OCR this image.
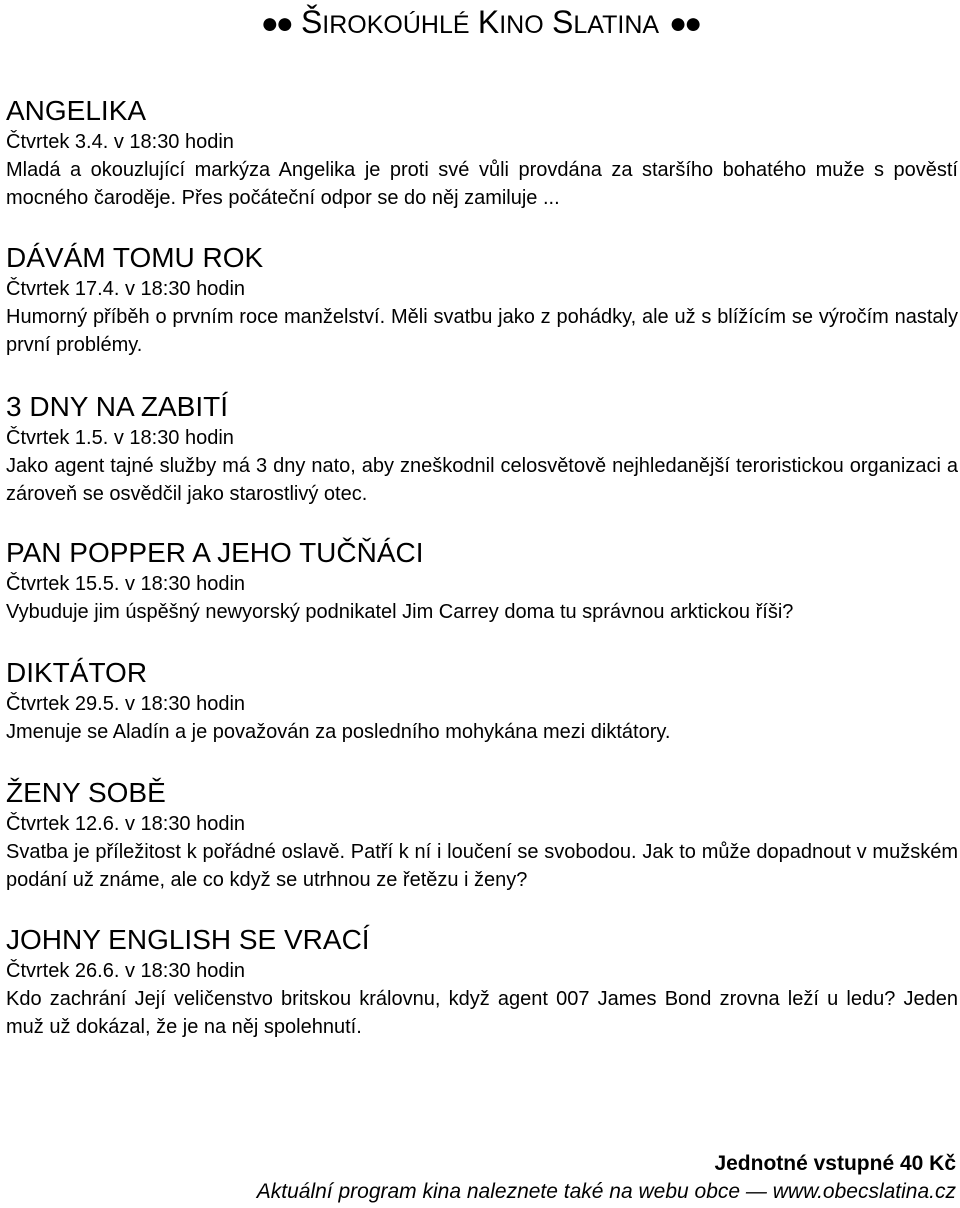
●● ŠIROKOÚHLÉ KINO SLATINA ●●
ANGELIKA
Čtvrtek 3.4. v 18:30 hodin
Mladá a okouzlující markýza Angelika je proti své vůli provdána za staršího bohatého muže s pověstí mocného čaroděje. Přes počáteční odpor se do něj zamiluje ...
DÁVÁM TOMU ROK
Čtvrtek 17.4. v 18:30 hodin
Humorný příběh o prvním roce manželství. Měli svatbu jako z pohádky, ale už s blížícím se výročím nastaly první problémy.
3 DNY NA ZABITÍ
Čtvrtek 1.5. v 18:30 hodin
Jako agent tajné služby má 3 dny nato, aby zneškodnil celosvětově nejhledanější teroristickou organizaci a zároveň se osvědčil jako starostlivý otec.
PAN POPPER A JEHO TUČŇÁCI
Čtvrtek 15.5. v 18:30 hodin
Vybuduje jim úspěšný newyorský podnikatel Jim Carrey doma tu správnou arktickou říši?
DIKTÁTOR
Čtvrtek 29.5. v 18:30 hodin
Jmenuje se Aladín a je považován za posledního mohykána mezi diktátory.
ŽENY SOBĚ
Čtvrtek 12.6. v 18:30 hodin
Svatba je příležitost k pořádné oslavě. Patří k ní i loučení se svobodou. Jak to může dopadnout v mužském podání už známe, ale co když se utrhnou ze řetězu i ženy?
JOHNY ENGLISH SE VRACÍ
Čtvrtek 26.6. v 18:30 hodin
Kdo zachrání Její veličenstvo britskou královnu, když agent 007 James Bond zrovna leží u ledu? Jeden muž už dokázal, že je na něj spolehnutí.
Jednotné vstupné 40 Kč
Aktuální program kina naleznete také na webu obce — www.obecslatina.cz
